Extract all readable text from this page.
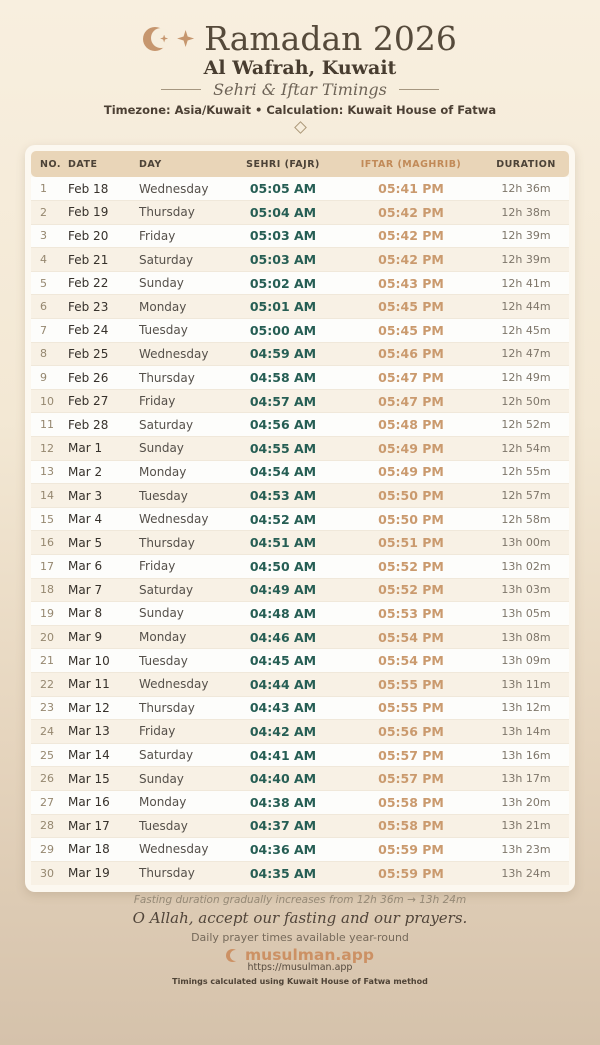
Ramadan 2026
Al Wafrah, Kuwait
Sehri & Iftar Timings
Timezone: Asia/Kuwait • Calculation: Kuwait House of Fatwa
NO.	DATE	DAY	SEHRI (FAJR)	IFTAR (MAGHRIB)	DURATION
1	Feb 18	Wednesday	05:05 AM	05:41 PM	12h 36m
2	Feb 19	Thursday	05:04 AM	05:42 PM	12h 38m
3	Feb 20	Friday	05:03 AM	05:42 PM	12h 39m
4	Feb 21	Saturday	05:03 AM	05:42 PM	12h 39m
5	Feb 22	Sunday	05:02 AM	05:43 PM	12h 41m
6	Feb 23	Monday	05:01 AM	05:45 PM	12h 44m
7	Feb 24	Tuesday	05:00 AM	05:45 PM	12h 45m
8	Feb 25	Wednesday	04:59 AM	05:46 PM	12h 47m
9	Feb 26	Thursday	04:58 AM	05:47 PM	12h 49m
10	Feb 27	Friday	04:57 AM	05:47 PM	12h 50m
11	Feb 28	Saturday	04:56 AM	05:48 PM	12h 52m
12	Mar 1	Sunday	04:55 AM	05:49 PM	12h 54m
13	Mar 2	Monday	04:54 AM	05:49 PM	12h 55m
14	Mar 3	Tuesday	04:53 AM	05:50 PM	12h 57m
15	Mar 4	Wednesday	04:52 AM	05:50 PM	12h 58m
16	Mar 5	Thursday	04:51 AM	05:51 PM	13h 00m
17	Mar 6	Friday	04:50 AM	05:52 PM	13h 02m
18	Mar 7	Saturday	04:49 AM	05:52 PM	13h 03m
19	Mar 8	Sunday	04:48 AM	05:53 PM	13h 05m
20	Mar 9	Monday	04:46 AM	05:54 PM	13h 08m
21	Mar 10	Tuesday	04:45 AM	05:54 PM	13h 09m
22	Mar 11	Wednesday	04:44 AM	05:55 PM	13h 11m
23	Mar 12	Thursday	04:43 AM	05:55 PM	13h 12m
24	Mar 13	Friday	04:42 AM	05:56 PM	13h 14m
25	Mar 14	Saturday	04:41 AM	05:57 PM	13h 16m
26	Mar 15	Sunday	04:40 AM	05:57 PM	13h 17m
27	Mar 16	Monday	04:38 AM	05:58 PM	13h 20m
28	Mar 17	Tuesday	04:37 AM	05:58 PM	13h 21m
29	Mar 18	Wednesday	04:36 AM	05:59 PM	13h 23m
30	Mar 19	Thursday	04:35 AM	05:59 PM	13h 24m
Fasting duration gradually increases from 12h 36m → 13h 24m
O Allah, accept our fasting and our prayers.
Daily prayer times available year-round
musulman.app
https://musulman.app
Timings calculated using Kuwait House of Fatwa method
